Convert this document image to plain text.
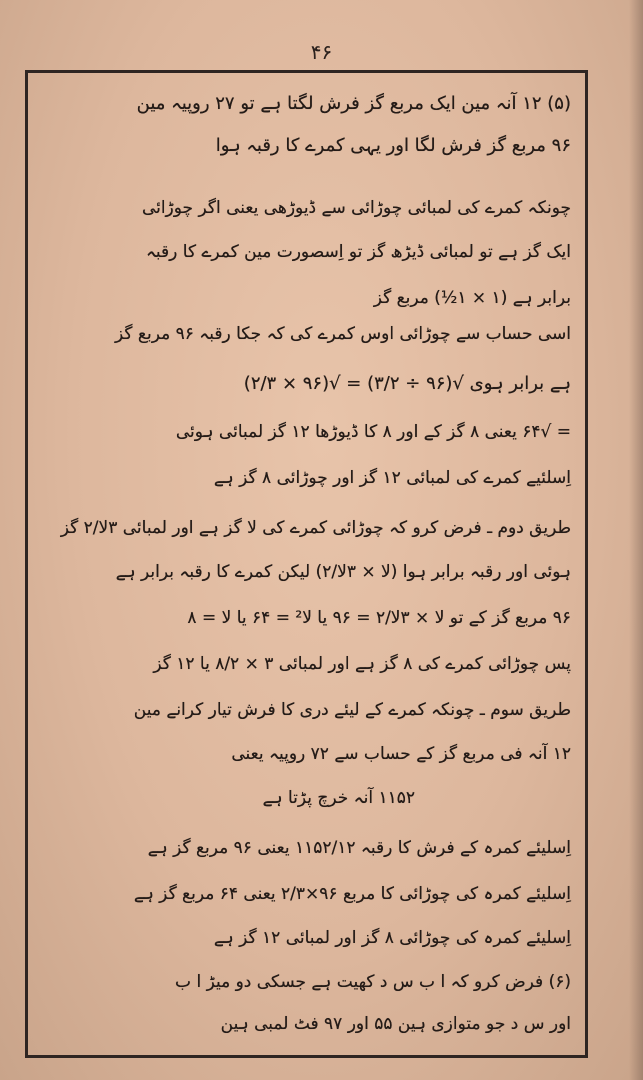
۴۶
(۵) ۱۲ آنہ مین ایک مربع گز فرش لگتا ہے تو ۲۷ روپیہ مین
۹۶ مربع گز فرش لگا اور یہی کمرے کا رقبہ ہوا
چونکہ کمرے کی لمبائی چوڑائی سے ڈیوڑھی یعنی اگر چوڑائی
ایک گز ہے تو لمبائی ڈیڑھ گز تو اِسصورت مین کمرے کا رقبہ
برابر ہے (۱ × ۱½) مربع گز
اسی حساب سے چوڑائی اوس کمرے کی کہ جکا رقبہ ۹۶ مربع گز
ہے برابر ہوی √(۹۶ ÷ ۳/۲) = √(۹۶ × ۲/۳)
= √۶۴ یعنی ۸ گز کے اور ۸ کا ڈیوڑھا ۱۲ گز لمبائی ہوئی
اِسلئیے کمرے کی لمبائی ۱۲ گز اور چوڑائی ۸ گز ہے
طریق دوم ـ فرض کرو کہ چوڑائی کمرے کی لا گز ہے اور لمبائی ۳لا/۲ گز
ہوئی اور رقبہ برابر ہوا (لا × ۳لا/۲) لیکن کمرے کا رقبہ برابر ہے
۹۶ مربع گز کے تو لا × ۳لا/۲ = ۹۶ یا لا² = ۶۴ یا لا = ۸
پس چوڑائی کمرے کی ۸ گز ہے اور لمبائی ۳ × ۸/۲ یا ۱۲ گز
طریق سوم ـ چونکہ کمرے کے لیئے دری کا فرش تیار کرانے مین
۱۲ آنہ فی مربع گز کے حساب سے ۷۲ روپیہ یعنی
۱۱۵۲ آنہ خرچ پڑتا ہے
اِسلیئے کمرہ کے فرش کا رقبہ ۱۱۵۲/۱۲ یعنی ۹۶ مربع گز ہے
اِسلیئے کمرہ کی چوڑائی کا مربع ۹۶×۲/۳ یعنی ۶۴ مربع گز ہے
اِسلیئے کمرہ کی چوڑائی ۸ گز اور لمبائی ۱۲ گز ہے
(۶) فرض کرو کہ ا ب س د کھیت ہے جسکی دو میڑ ا ب
اور س د جو متوازی ہین ۵۵ اور ۹۷ فٹ لمبی ہین
